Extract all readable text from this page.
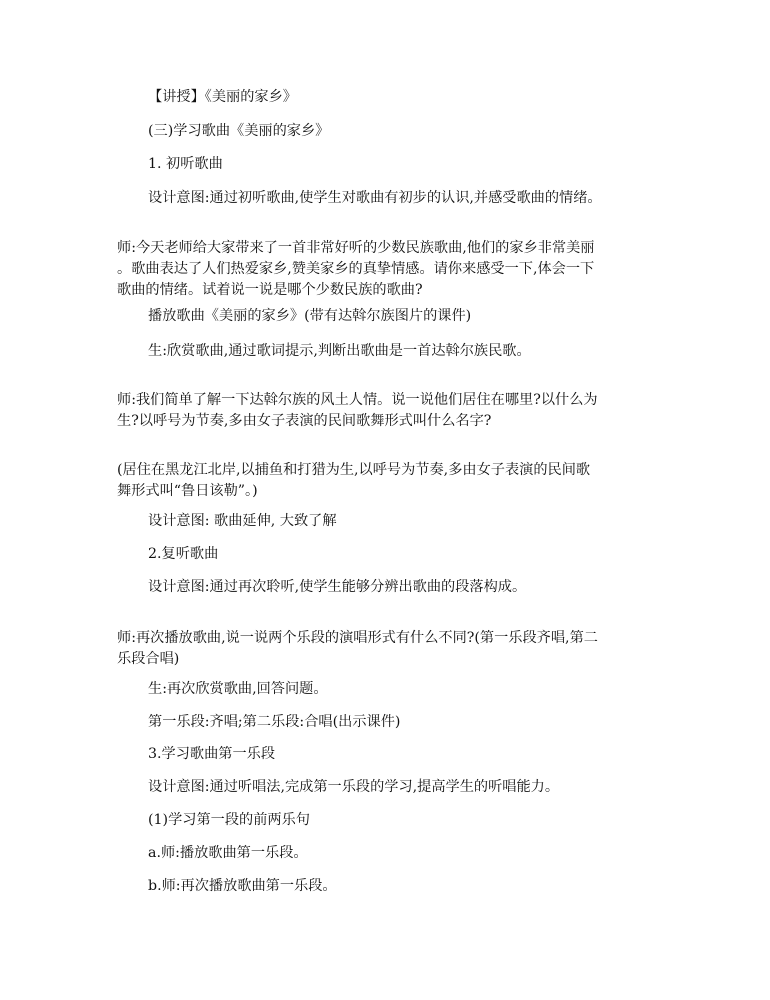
【讲授】《美丽的家乡》

(三)学习歌曲《美丽的家乡》

1. 初听歌曲

设计意图:通过初听歌曲,使学生对歌曲有初步的认识,并感受歌曲的情绪。

师:今天老师给大家带来了一首非常好听的少数民族歌曲,他们的家乡非常美丽

。歌曲表达了人们热爱家乡,赞美家乡的真挚情感。请你来感受一下,体会一下

歌曲的情绪。试着说一说是哪个少数民族的歌曲?

播放歌曲《美丽的家乡》(带有达斡尔族图片的课件)

生:欣赏歌曲,通过歌词提示,判断出歌曲是一首达斡尔族民歌。

师:我们简单了解一下达斡尔族的风土人情。说一说他们居住在哪里?以什么为

生?以呼号为节奏,多由女子表演的民间歌舞形式叫什么名字?

(居住在黑龙江北岸,以捕鱼和打猎为生,以呼号为节奏,多由女子表演的民间歌

舞形式叫“鲁日该勒”。)

设计意图: 歌曲延伸, 大致了解

2.复听歌曲

设计意图:通过再次聆听,使学生能够分辨出歌曲的段落构成。

师:再次播放歌曲,说一说两个乐段的演唱形式有什么不同?(第一乐段齐唱,第二

乐段合唱)

生:再次欣赏歌曲,回答问题。

第一乐段:齐唱;第二乐段:合唱(出示课件)

3.学习歌曲第一乐段

设计意图:通过听唱法,完成第一乐段的学习,提高学生的听唱能力。

(1)学习第一段的前两乐句

a.师:播放歌曲第一乐段。

b.师:再次播放歌曲第一乐段。
